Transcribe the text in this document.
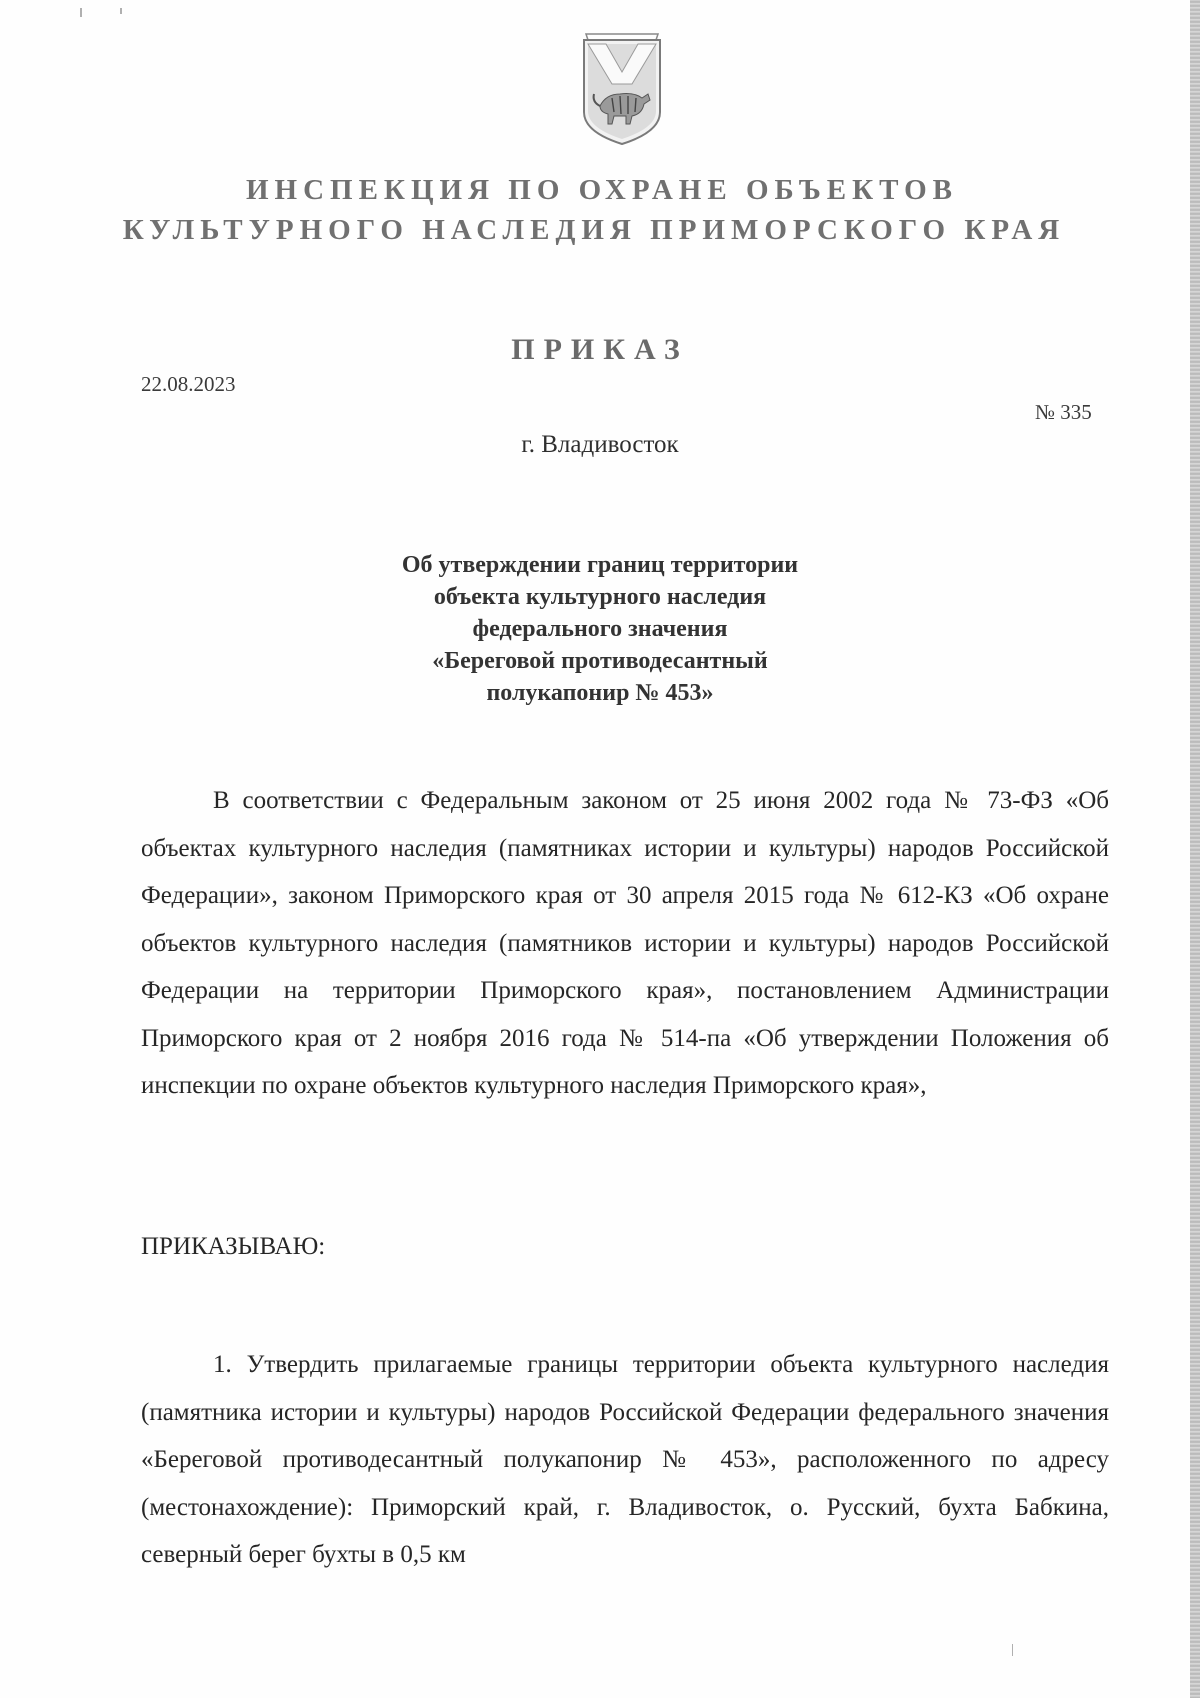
ИНСПЕКЦИЯ ПО ОХРАНЕ ОБЪЕКТОВ
КУЛЬТУРНОГО НАСЛЕДИЯ ПРИМОРСКОГО КРАЯ
ПРИКАЗ
22.08.2023
№ 335
г. Владивосток
Об утверждении границ территории
объекта культурного наследия
федерального значения
«Береговой противодесантный
полукапонир № 453»
В соответствии с Федеральным законом от 25 июня 2002 года № 73-ФЗ «Об объектах культурного наследия (памятниках истории и культуры) народов Российской Федерации», законом Приморского края от 30 апреля 2015 года № 612-КЗ «Об охране объектов культурного наследия (памятников истории и культуры) народов Российской Федерации на территории Приморского края», постановлением Администрации Приморского края от 2 ноября 2016 года № 514-па «Об утверждении Положения об инспекции по охране объектов культурного наследия Приморского края»,
ПРИКАЗЫВАЮ:
1. Утвердить прилагаемые границы территории объекта культурного наследия (памятника истории и культуры) народов Российской Федерации федерального значения «Береговой противодесантный полукапонир № 453», расположенного по адресу (местонахождение): Приморский край, г. Владивосток, о. Русский, бухта Бабкина, северный берег бухты в 0,5 км
